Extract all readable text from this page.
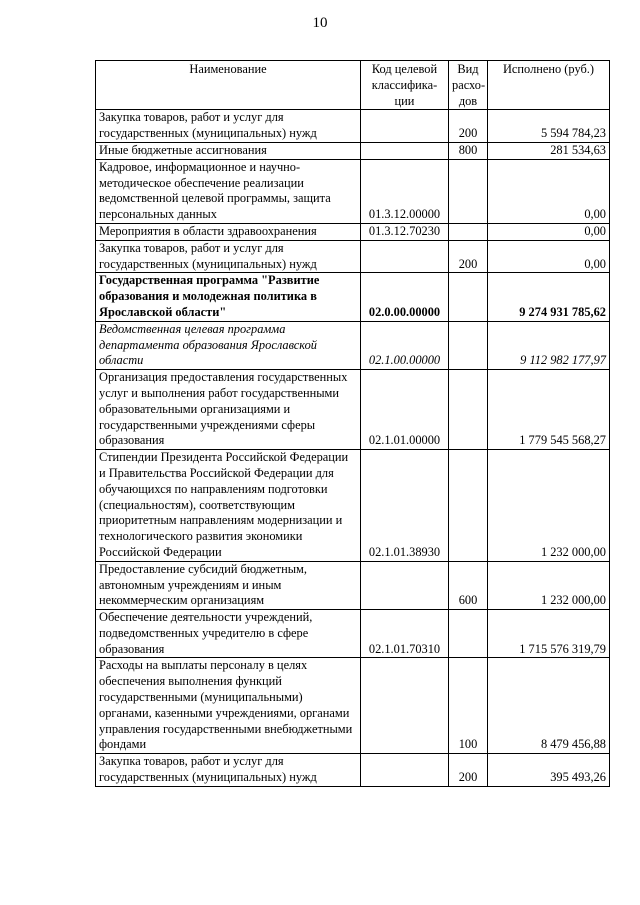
10
Наименование	Код целевой классифика-ции	Вид расхо-дов	Исполнено (руб.)
Закупка товаров, работ и услуг для государственных (муниципальных) нужд		200	5 594 784,23
Иные бюджетные ассигнования		800	281 534,63
Кадровое, информационное и научно-методическое обеспечение реализации ведомственной целевой программы, защита персональных данных	01.3.12.00000		0,00
Мероприятия в области здравоохранения	01.3.12.70230		0,00
Закупка товаров, работ и услуг для государственных (муниципальных) нужд		200	0,00
Государственная программа "Развитие образования и молодежная политика в Ярославской области"	02.0.00.00000		9 274 931 785,62
Ведомственная целевая программа департамента образования Ярославской области	02.1.00.00000		9 112 982 177,97
Организация предоставления государственных услуг и выполнения работ государственными образовательными организациями и государственными учреждениями сферы образования	02.1.01.00000		1 779 545 568,27
Стипендии Президента Российской Федерации и Правительства Российской Федерации для обучающихся по направлениям подготовки (специальностям), соответствующим приоритетным направлениям модернизации и технологического развития экономики Российской Федерации	02.1.01.38930		1 232 000,00
Предоставление субсидий бюджетным, автономным учреждениям и иным некоммерческим организациям		600	1 232 000,00
Обеспечение деятельности учреждений, подведомственных учредителю в сфере образования	02.1.01.70310		1 715 576 319,79
Расходы на выплаты персоналу в целях обеспечения выполнения функций государственными (муниципальными) органами, казенными учреждениями, органами управления государственными внебюджетными фондами		100	8 479 456,88
Закупка товаров, работ и услуг для государственных (муниципальных) нужд		200	395 493,26
